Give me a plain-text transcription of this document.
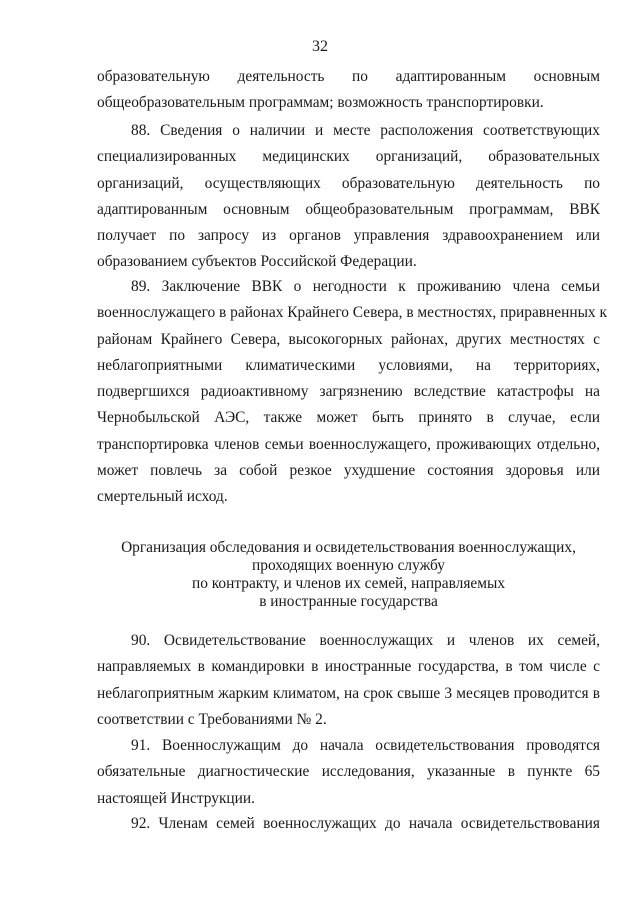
32
образовательную деятельность по адаптированным основным
общеобразовательным программам; возможность транспортировки.
88. Сведения о наличии и месте расположения соответствующих
специализированных медицинских организаций, образовательных
организаций, осуществляющих образовательную деятельность по
адаптированным основным общеобразовательным программам, ВВК
получает по запросу из органов управления здравоохранением или
образованием субъектов Российской Федерации.
89. Заключение ВВК о негодности к проживанию члена семьи
военнослужащего в районах Крайнего Севера, в местностях, приравненных к
районам Крайнего Севера, высокогорных районах, других местностях с
неблагоприятными климатическими условиями, на территориях,
подвергшихся радиоактивному загрязнению вследствие катастрофы на
Чернобыльской АЭС, также может быть принято в случае, если
транспортировка членов семьи военнослужащего, проживающих отдельно,
может повлечь за собой резкое ухудшение состояния здоровья или
смертельный исход.
Организация обследования и освидетельствования военнослужащих,
проходящих военную службу
по контракту, и членов их семей, направляемых
в иностранные государства
90. Освидетельствование военнослужащих и членов их семей,
направляемых в командировки в иностранные государства, в том числе с
неблагоприятным жарким климатом, на срок свыше 3 месяцев проводится в
соответствии с Требованиями № 2.
91. Военнослужащим до начала освидетельствования проводятся
обязательные диагностические исследования, указанные в пункте 65
настоящей Инструкции.
92. Членам семей военнослужащих до начала освидетельствования
